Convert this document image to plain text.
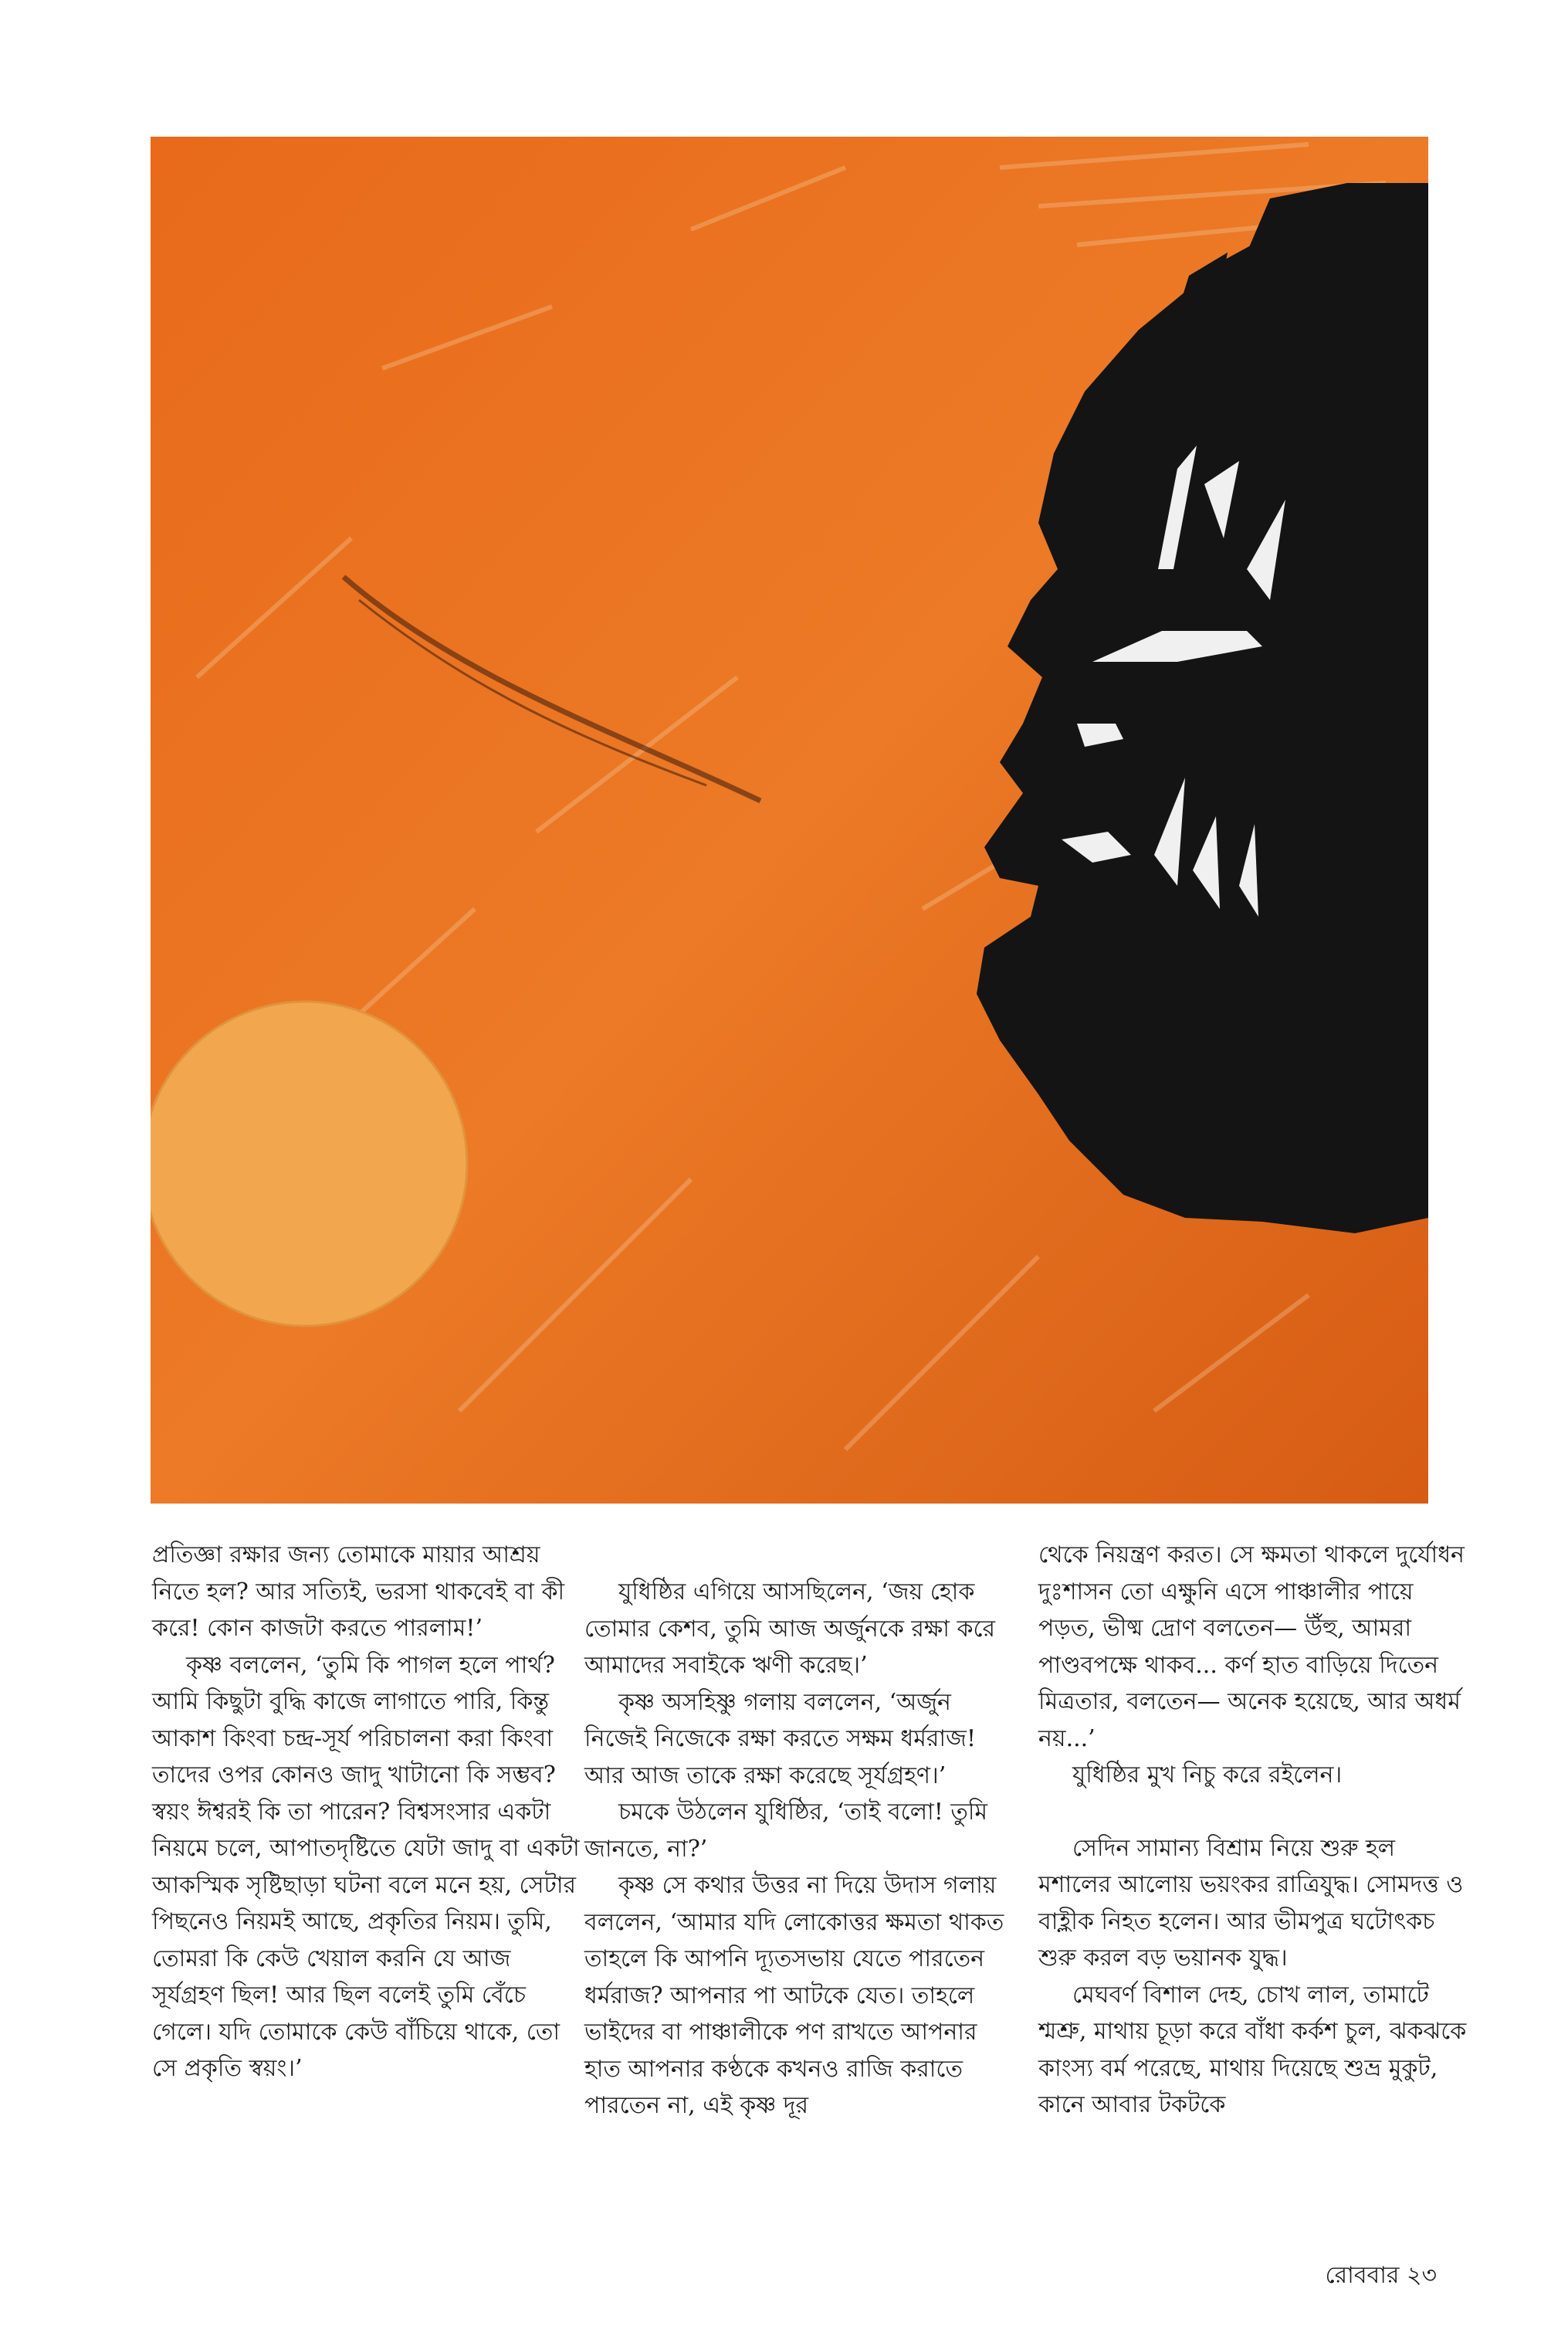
প্রতিজ্ঞা রক্ষার জন্য তোমাকে মায়ার আশ্রয় নিতে হল? আর সত্যিই, ভরসা থাকবেই বা কী করে! কোন কাজটা করতে পারলাম!’

কৃষ্ণ বললেন, ‘তুমি কি পাগল হলে পার্থ? আমি কিছুটা বুদ্ধি কাজে লাগাতে পারি, কিন্তু আকাশ কিংবা চন্দ্র-সূর্য পরিচালনা করা কিংবা তাদের ওপর কোনও জাদু খাটানো কি সম্ভব? স্বয়ং ঈশ্বরই কি তা পারেন? বিশ্বসংসার একটা নিয়মে চলে, আপাতদৃষ্টিতে যেটা জাদু বা একটা আকস্মিক সৃষ্টিছাড়া ঘটনা বলে মনে হয়, সেটার পিছনেও নিয়মই আছে, প্রকৃতির নিয়ম। তুমি, তোমরা কি কেউ খেয়াল করনি যে আজ সূর্যগ্রহণ ছিল! আর ছিল বলেই তুমি বেঁচে গেলে। যদি তোমাকে কেউ বাঁচিয়ে থাকে, তো সে প্রকৃতি স্বয়ং।’

যুধিষ্ঠির এগিয়ে আসছিলেন, ‘জয় হোক তোমার কেশব, তুমি আজ অর্জুনকে রক্ষা করে আমাদের সবাইকে ঋণী করেছ।’

কৃষ্ণ অসহিষ্ণু গলায় বললেন, ‘অর্জুন নিজেই নিজেকে রক্ষা করতে সক্ষম ধর্মরাজ! আর আজ তাকে রক্ষা করেছে সূর্যগ্রহণ।’

চমকে উঠলেন যুধিষ্ঠির, ‘তাই বলো! তুমি জানতে, না?’

কৃষ্ণ সে কথার উত্তর না দিয়ে উদাস গলায় বললেন, ‘আমার যদি লোকোত্তর ক্ষমতা থাকত তাহলে কি আপনি দ্যূতসভায় যেতে পারতেন ধর্মরাজ? আপনার পা আটকে যেত। তাহলে ভাইদের বা পাঞ্চালীকে পণ রাখতে আপনার হাত আপনার কণ্ঠকে কখনও রাজি করাতে পারতেন না, এই কৃষ্ণ দূর

থেকে নিয়ন্ত্রণ করত। সে ক্ষমতা থাকলে দুর্যোধন দুঃশাসন তো এক্ষুনি এসে পাঞ্চালীর পায়ে পড়ত, ভীষ্ম দ্রোণ বলতেন— উঁহু, আমরা পাণ্ডবপক্ষে থাকব... কর্ণ হাত বাড়িয়ে দিতেন মিত্রতার, বলতেন— অনেক হয়েছে, আর অধর্ম নয়...’

যুধিষ্ঠির মুখ নিচু করে রইলেন।

সেদিন সামান্য বিশ্রাম নিয়ে শুরু হল মশালের আলোয় ভয়ংকর রাত্রিযুদ্ধ। সোমদত্ত ও বাহ্লীক নিহত হলেন। আর ভীমপুত্র ঘটোৎকচ শুরু করল বড় ভয়ানক যুদ্ধ।

মেঘবর্ণ বিশাল দেহ, চোখ লাল, তামাটে শ্মশ্রু, মাথায় চূড়া করে বাঁধা কর্কশ চুল, ঝকঝকে কাংস্য বর্ম পরেছে, মাথায় দিয়েছে শুভ্র মুকুট, কানে আবার টকটকে

রোববার ২৩
